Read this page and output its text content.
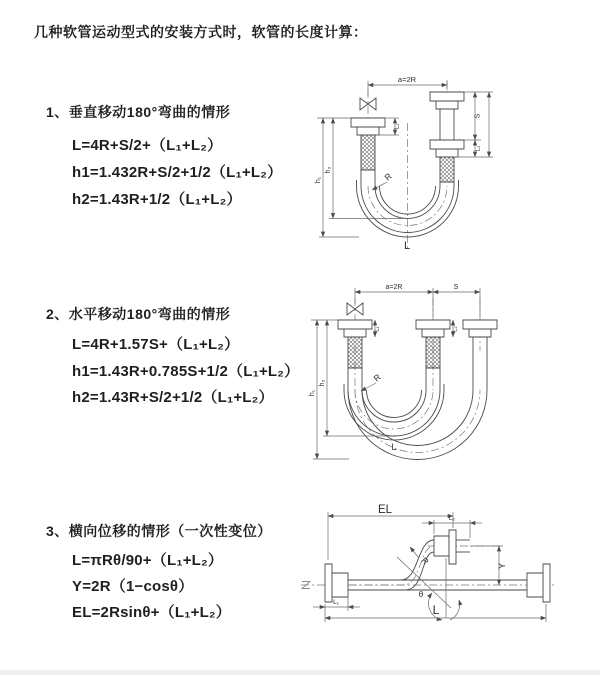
几种软管运动型式的安装方式时，软管的长度计算：
1、垂直移动180°弯曲的情形
L=4R+S/2+（L₁+L₂）
h1=1.432R+S/2+1/2（L₁+L₂）
h2=1.43R+1/2（L₁+L₂）
2、水平移动180°弯曲的情形
L=4R+1.57S+（L₁+L₂）
h1=1.43R+0.785S+1/2（L₁+L₂）
h2=1.43R+S/2+1/2（L₁+L₂）
3、横向位移的情形（一次性变位）
L=πRθ/90+（L₁+L₂）
Y=2R（1−cosθ）
EL=2Rsinθ+（L₁+L₂）
a=2R
h₁
h₂
L₁
S
L₂
R
L
a=2R	S
h₁
h₂
L₁	L₂
R
L
EL
L₂
Y
θ
R
L₁
L
